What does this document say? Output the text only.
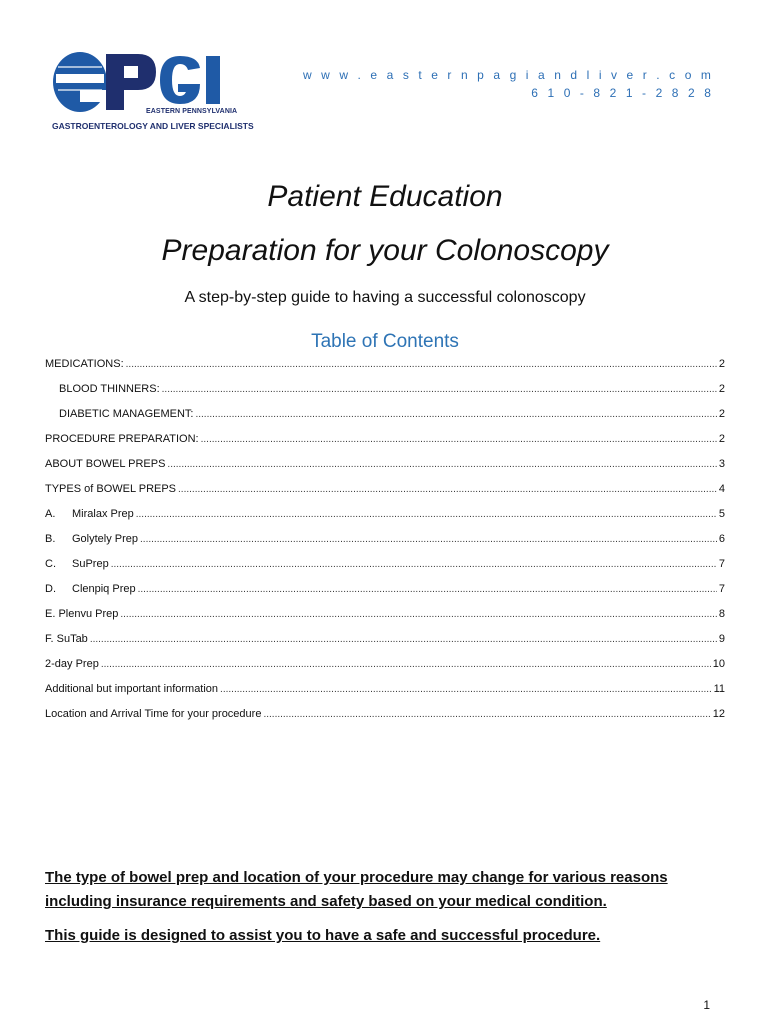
EASTERN PENNSYLVANIA
GASTROENTEROLOGY AND LIVER SPECIALISTS
w w w . e a s t e r n p a g i a n d l i v e r . c o m
6 1 0 - 8 2 1 - 2 8 2 8
Patient Education
Preparation for your Colonoscopy
A step-by-step guide to having a successful colonoscopy
Table of Contents
MEDICATIONS: .....	2
BLOOD THINNERS: .....	2
DIABETIC MANAGEMENT: .....	2
PROCEDURE PREPARATION: .....	2
ABOUT BOWEL PREPS .....	3
TYPES of BOWEL PREPS .....	4
A.	Miralax Prep .....	5
B.	Golytely Prep .....	6
C.	SuPrep .....	7
D.	Clenpiq Prep .....	7
E. Plenvu Prep .....	8
F. SuTab .....	9
2-day Prep .....	10
Additional but important information .....	11
Location and Arrival Time for your procedure .....	12
The type of bowel prep and location of your procedure may change for various reasons including insurance requirements and safety based on your medical condition.
This guide is designed to assist you to have a safe and successful procedure.
1
